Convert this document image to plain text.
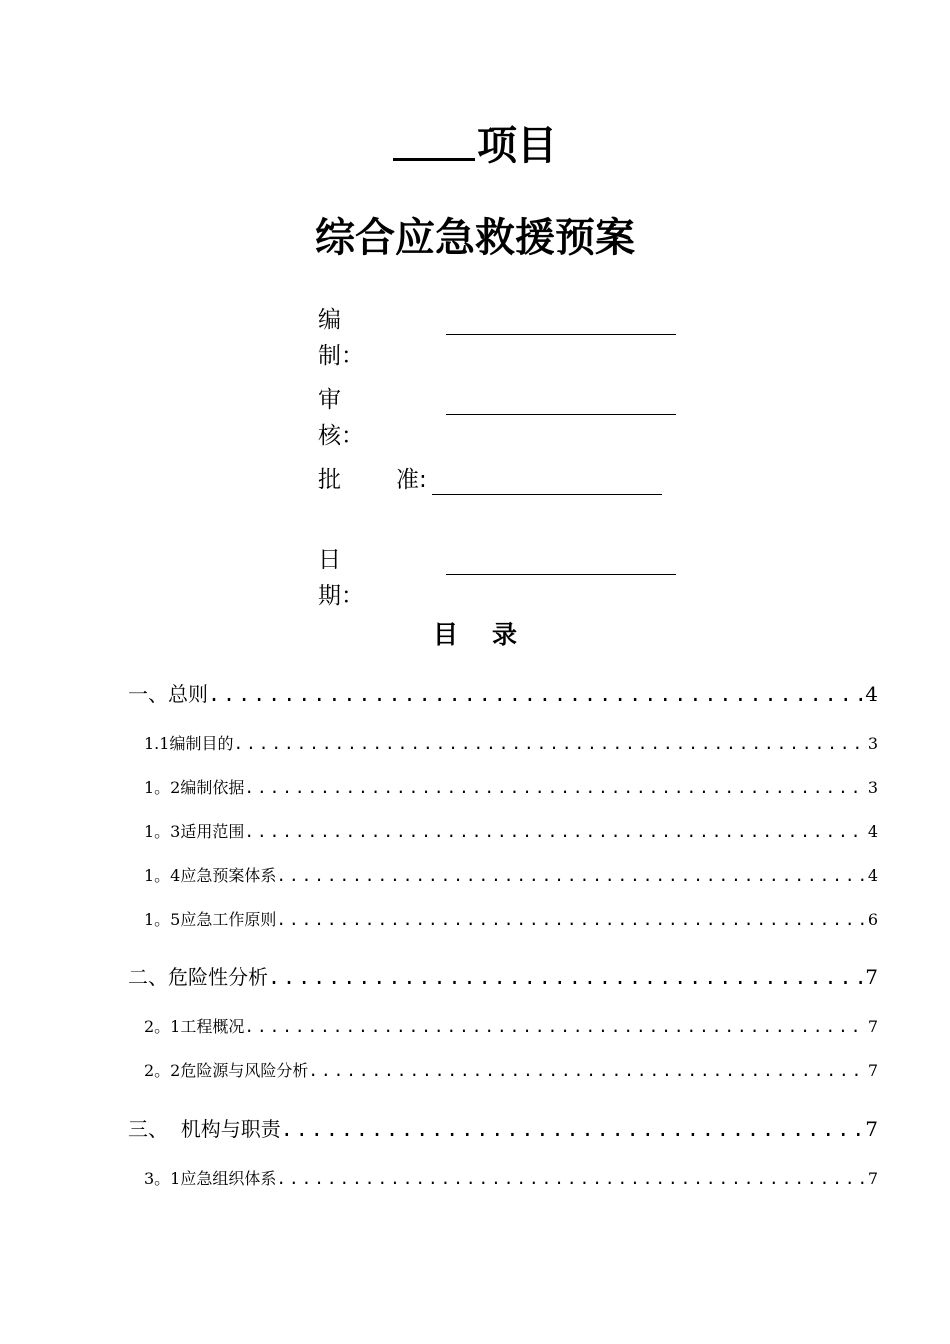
项目
综合应急救援预案
编制：
审核：
批 准:
日期：
目 录
一、总则 .....	4
1.1编制目的 .....	3
1。2编制依据 .....	3
1。3适用范围 .....	4
1。4应急预案体系 .....	4
1。5应急工作原则 .....	6
二、危险性分析 .....	7
2。1工程概况 .....	7
2。2危险源与风险分析 .....	7
三、  机构与职责 .....	7
3。1应急组织体系 .....	7
